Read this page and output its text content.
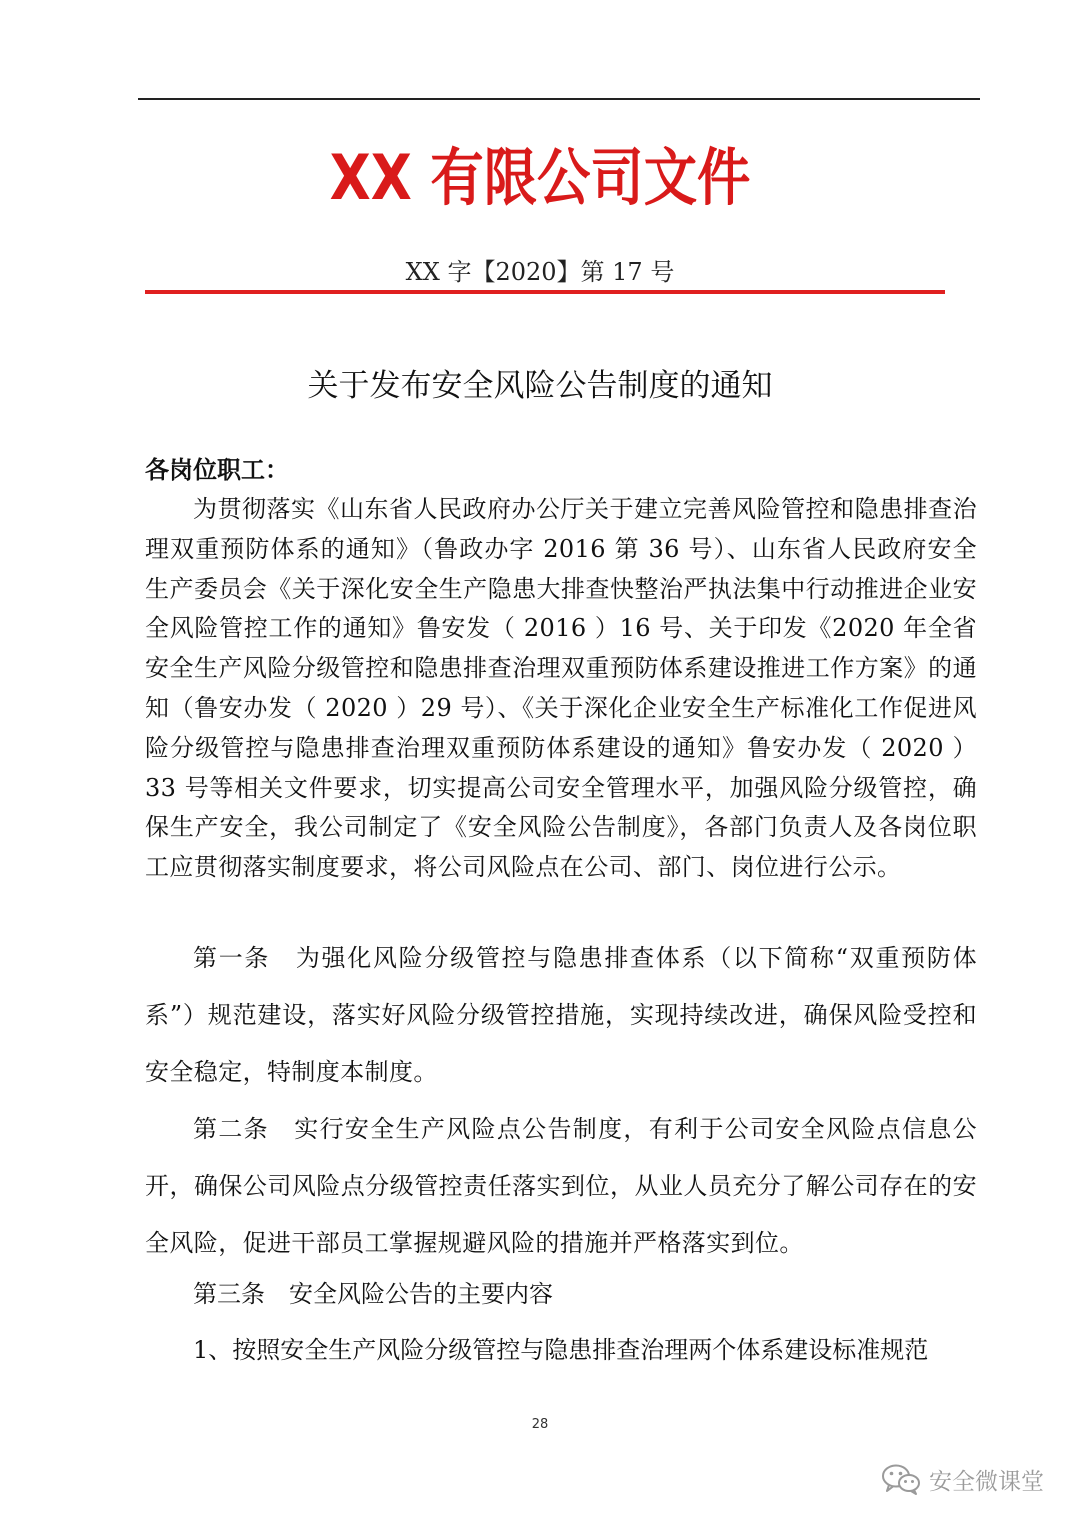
XX 有限公司文件
XX 字【2020】第 17 号
关于发布安全风险公告制度的通知
各岗位职工：

为贯彻落实《山东省人民政府办公厅关于建立完善风险管控和隐患排查治理双重预防体系的通知》（鲁政办字 2016 第 36 号）、山东省人民政府安全生产委员会《关于深化安全生产隐患大排查快整治严执法集中行动推进企业安全风险管控工作的通知》鲁安发（ 2016 ）16 号、关于印发《2020 年全省安全生产风险分级管控和隐患排查治理双重预防体系建设推进工作方案》的通知（鲁安办发（ 2020 ）29 号）、《关于深化企业安全生产标准化工作促进风险分级管控与隐患排查治理双重预防体系建设的通知》鲁安办发（ 2020 ）33 号等相关文件要求，切实提高公司安全管理水平，加强风险分级管控，确保生产安全，我公司制定了《安全风险公告制度》，各部门负责人及各岗位职工应贯彻落实制度要求，将公司风险点在公司、部门、岗位进行公示。

第一条　为强化风险分级管控与隐患排查体系（以下简称“双重预防体系”）规范建设，落实好风险分级管控措施，实现持续改进，确保风险受控和安全稳定，特制度本制度。

第二条　实行安全生产风险点公告制度，有利于公司安全风险点信息公开，确保公司风险点分级管控责任落实到位，从业人员充分了解公司存在的安全风险，促进干部员工掌握规避风险的措施并严格落实到位。

第三条　安全风险公告的主要内容

1、按照安全生产风险分级管控与隐患排查治理两个体系建设标准规范

28
安全微课堂
